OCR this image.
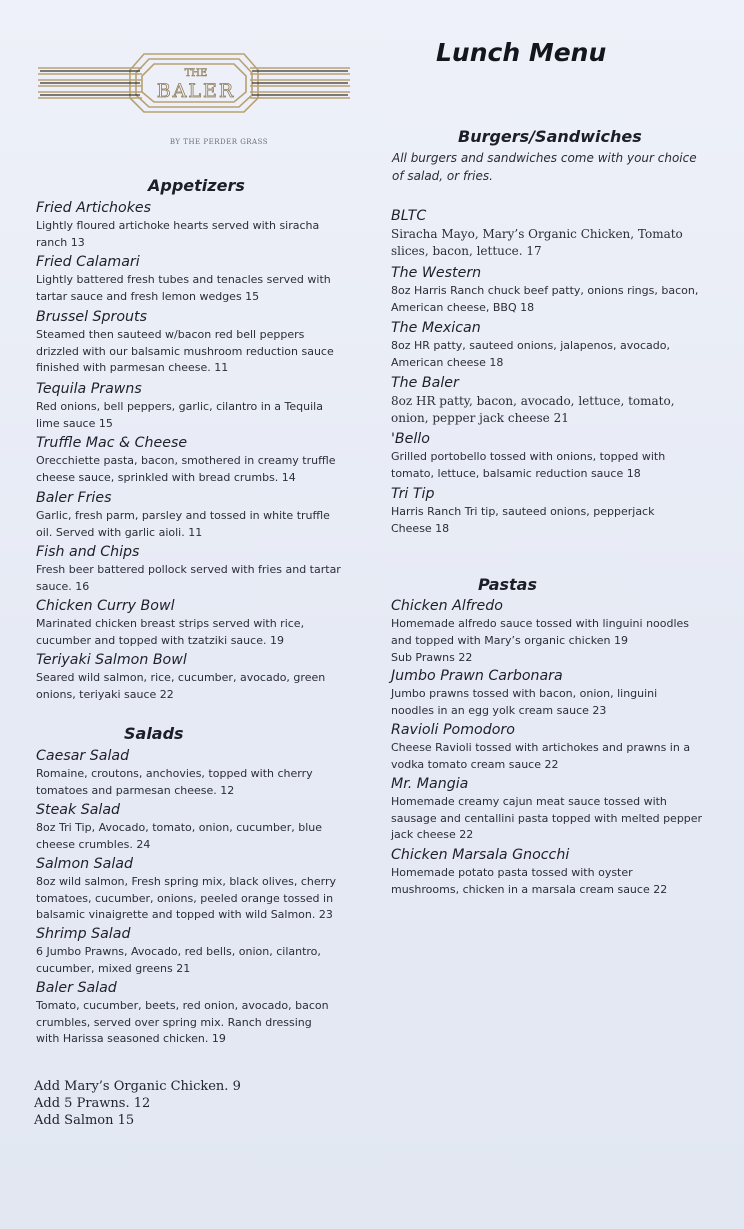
THE
BALER
BY THE PERDER GRASS
Lunch Menu
Appetizers
Fried Artichokes
Lightly floured artichoke hearts served with siracha ranch 13
Fried Calamari
Lightly battered fresh tubes and tenacles served with tartar sauce and fresh lemon wedges 15
Brussel Sprouts
Steamed then sauteed w/bacon red bell peppers drizzled with our balsamic mushroom reduction sauce finished with parmesan cheese. 11
Tequila Prawns
Red onions, bell peppers, garlic, cilantro in a Tequila lime sauce 15
Truffle Mac & Cheese
Orecchiette pasta, bacon, smothered in creamy truffle cheese sauce, sprinkled with bread crumbs. 14
Baler Fries
Garlic, fresh parm, parsley and tossed in white truffle oil. Served with garlic aioli. 11
Fish and Chips
Fresh beer battered pollock served with fries and tartar sauce. 16
Chicken Curry Bowl
Marinated chicken breast strips served with rice, cucumber and topped with tzatziki sauce. 19
Teriyaki Salmon Bowl
Seared wild salmon, rice, cucumber, avocado, green onions, teriyaki sauce 22
Salads
Caesar Salad
Romaine, croutons, anchovies, topped with cherry tomatoes and parmesan cheese. 12
Steak Salad
8oz Tri Tip, Avocado, tomato, onion, cucumber, blue cheese crumbles. 24
Salmon Salad
8oz wild salmon, Fresh spring mix, black olives, cherry tomatoes, cucumber, onions, peeled orange tossed in balsamic vinaigrette and topped with wild Salmon. 23
Shrimp Salad
6 Jumbo Prawns, Avocado, red bells, onion, cilantro, cucumber, mixed greens 21
Baler Salad
Tomato, cucumber, beets, red onion, avocado, bacon crumbles, served over spring mix. Ranch dressing with Harissa seasoned chicken. 19
Add Mary’s Organic Chicken. 9
Add 5 Prawns. 12
Add Salmon 15
Burgers/Sandwiches
All burgers and sandwiches come with your choice of salad, or fries.
BLTC
Siracha Mayo, Mary’s Organic Chicken, Tomato slices, bacon, lettuce. 17
The Western
8oz Harris Ranch chuck beef patty, onions rings, bacon, American cheese, BBQ 18
The Mexican
8oz HR patty, sauteed onions, jalapenos, avocado, American cheese 18
The Baler
8oz HR patty, bacon, avocado, lettuce, tomato, onion, pepper jack cheese 21
'Bello
Grilled portobello tossed with onions, topped with tomato, lettuce, balsamic reduction sauce 18
Tri Tip
Harris Ranch Tri tip, sauteed onions, pepperjack Cheese 18
Pastas
Chicken Alfredo
Homemade alfredo sauce tossed with linguini noodles and topped with Mary’s organic chicken 19
Sub Prawns 22
Jumbo Prawn Carbonara
Jumbo prawns tossed with bacon, onion, linguini noodles in an egg yolk cream sauce 23
Ravioli Pomodoro
Cheese Ravioli tossed with artichokes and prawns in a vodka tomato cream sauce 22
Mr. Mangia
Homemade creamy cajun meat sauce tossed with sausage and centallini pasta topped with melted pepper jack cheese 22
Chicken Marsala Gnocchi
Homemade potato pasta tossed with oyster mushrooms, chicken in a marsala cream sauce 22
